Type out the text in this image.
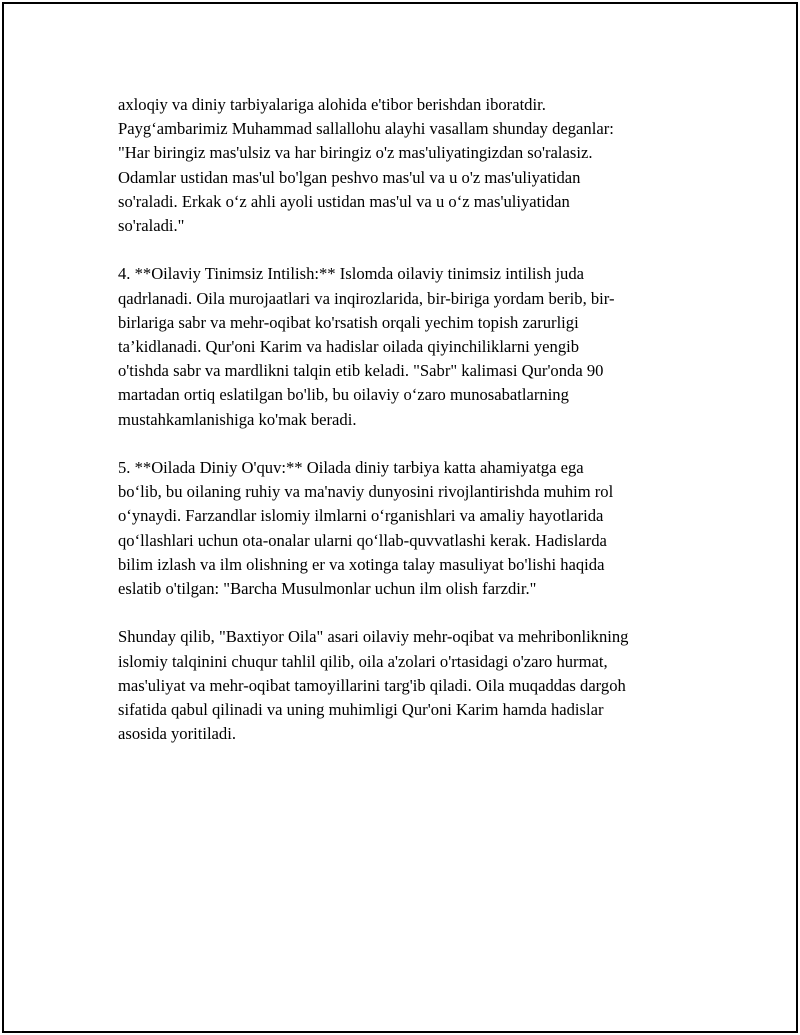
axloqiy va diniy tarbiyalariga alohida e'tibor berishdan iboratdir.
Payg‘ambarimiz Muhammad sallallohu alayhi vasallam shunday deganlar:
"Har biringiz mas'ulsiz va har biringiz o'z mas'uliyatingizdan so'ralasiz.
Odamlar ustidan mas'ul bo'lgan peshvo mas'ul va u o'z mas'uliyatidan
so'raladi. Erkak o‘z ahli ayoli ustidan mas'ul va u o‘z mas'uliyatidan
so'raladi."

4. **Oilaviy Tinimsiz Intilish:** Islomda oilaviy tinimsiz intilish juda
qadrlanadi. Oila murojaatlari va inqirozlarida, bir-biriga yordam berib, bir-
birlariga sabr va mehr-oqibat ko'rsatish orqali yechim topish zarurligi
ta’kidlanadi. Qur'oni Karim va hadislar oilada qiyinchiliklarni yengib
o'tishda sabr va mardlikni talqin etib keladi. "Sabr" kalimasi Qur'onda 90
martadan ortiq eslatilgan bo'lib, bu oilaviy o‘zaro munosabatlarning
mustahkamlanishiga ko'mak beradi.

5. **Oilada Diniy O'quv:** Oilada diniy tarbiya katta ahamiyatga ega
bo‘lib, bu oilaning ruhiy va ma'naviy dunyosini rivojlantirishda muhim rol
o‘ynaydi. Farzandlar islomiy ilmlarni o‘rganishlari va amaliy hayotlarida
qo‘llashlari uchun ota-onalar ularni qo‘llab-quvvatlashi kerak. Hadislarda
bilim izlash va ilm olishning er va xotinga talay masuliyat bo'lishi haqida
eslatib o'tilgan: "Barcha Musulmonlar uchun ilm olish farzdir."

Shunday qilib, "Baxtiyor Oila" asari oilaviy mehr-oqibat va mehribonlikning
islomiy talqinini chuqur tahlil qilib, oila a'zolari o'rtasidagi o'zaro hurmat,
mas'uliyat va mehr-oqibat tamoyillarini targ'ib qiladi. Oila muqaddas dargoh
sifatida qabul qilinadi va uning muhimligi Qur'oni Karim hamda hadislar
asosida yoritiladi.
